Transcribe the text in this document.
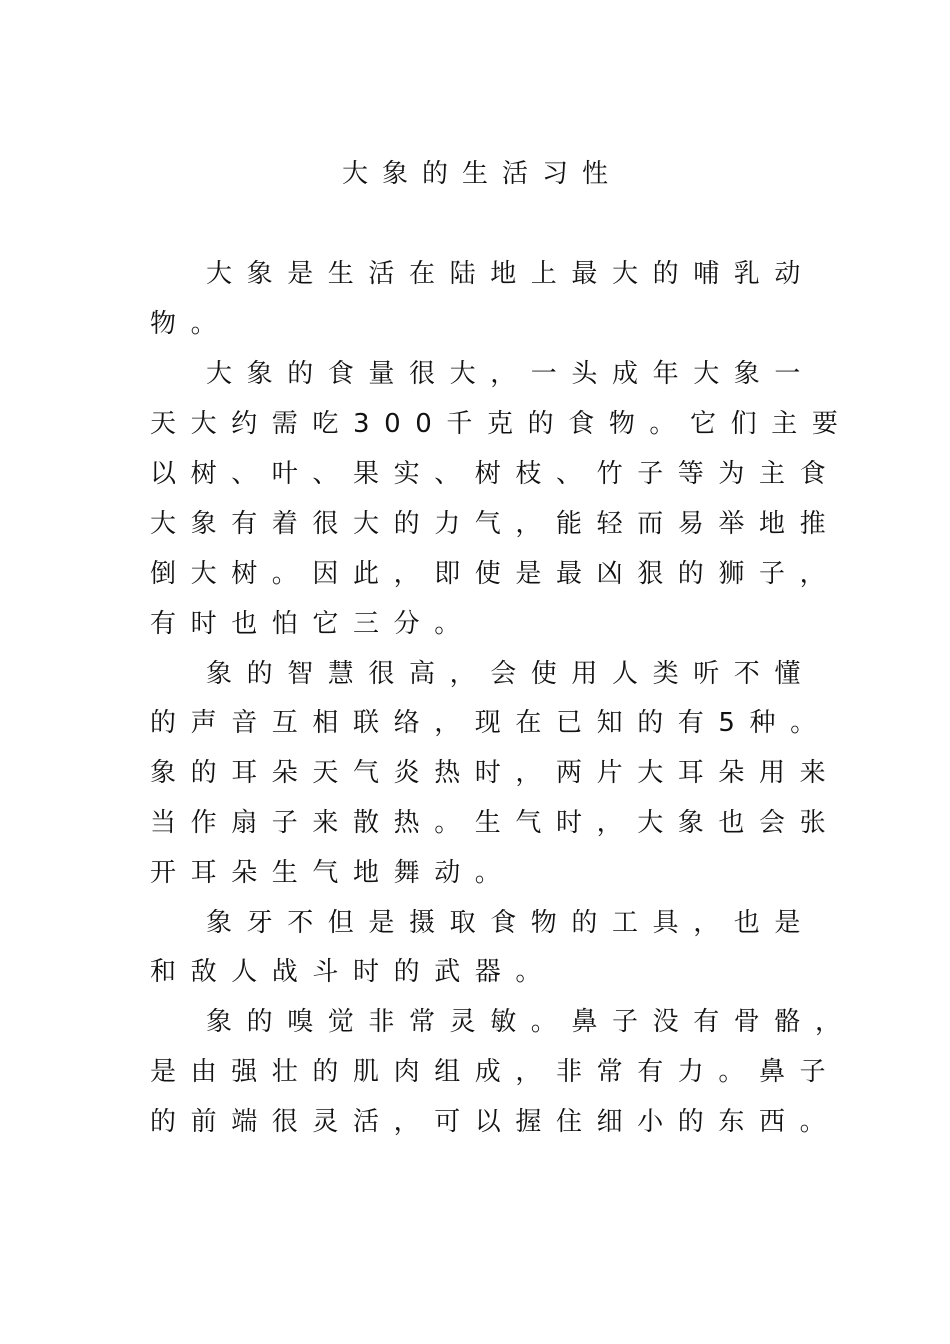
大象的生活习性
大象是生活在陆地上最大的哺乳动
物。
大象的食量很大，一头成年大象一
天大约需吃300千克的食物。它们主要
以树、叶、果实、树枝、竹子等为主食
大象有着很大的力气，能轻而易举地推
倒大树。因此，即使是最凶狠的狮子，
有时也怕它三分。
象的智慧很高，会使用人类听不懂
的声音互相联络，现在已知的有5种。
象的耳朵天气炎热时，两片大耳朵用来
当作扇子来散热。生气时，大象也会张
开耳朵生气地舞动。
象牙不但是摄取食物的工具，也是
和敌人战斗时的武器。
象的嗅觉非常灵敏。鼻子没有骨骼，
是由强壮的肌肉组成，非常有力。鼻子
的前端很灵活，可以握住细小的东西。
